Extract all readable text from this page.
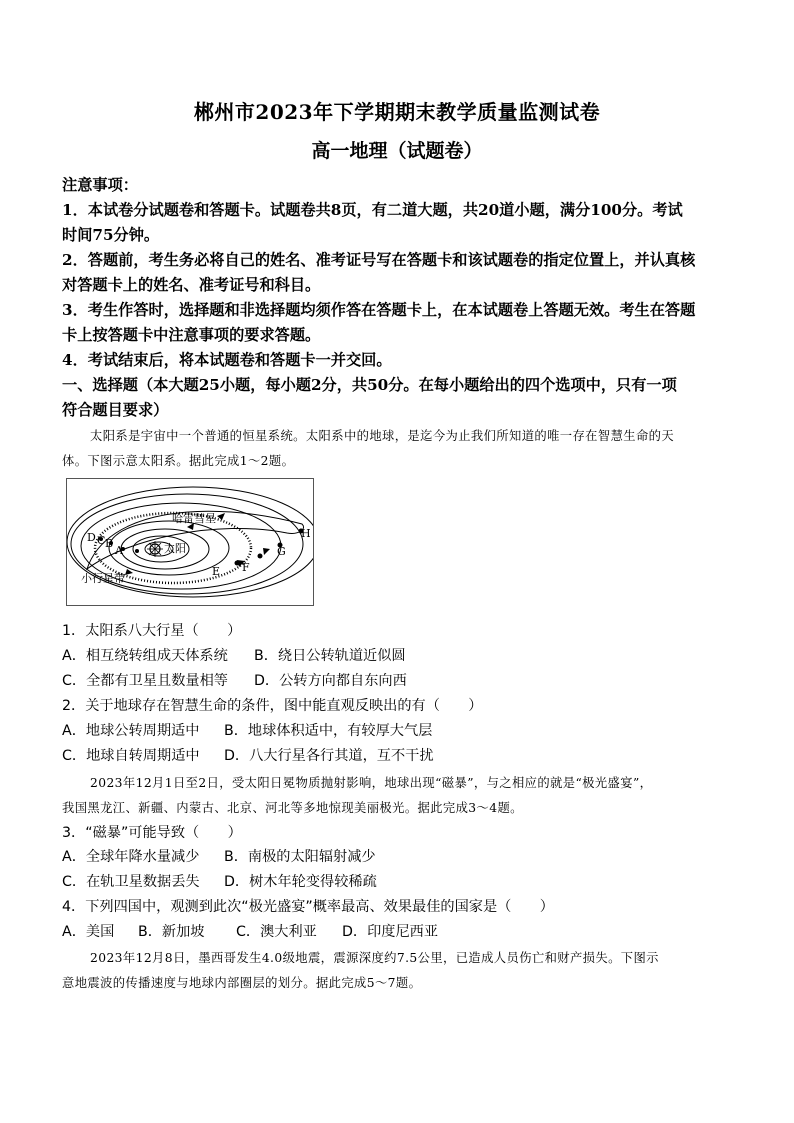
郴州市2023年下学期期末教学质量监测试卷
高一地理（试题卷）
注意事项：
1．本试卷分试题卷和答题卡。试题卷共8页，有二道大题，共20道小题，满分100分。考试
时间75分钟。
2．答题前，考生务必将自己的姓名、准考证号写在答题卡和该试题卷的指定位置上，并认真核
对答题卡上的姓名、准考证号和科目。
3．考生作答时，选择题和非选择题均须作答在答题卡上，在本试题卷上答题无效。考生在答题
卡上按答题卡中注意事项的要求答题。
4．考试结束后，将本试题卷和答题卡一并交回。
一、选择题（本大题25小题，每小题2分，共50分。在每小题给出的四个选项中，只有一项
符合题目要求）
太阳系是宇宙中一个普通的恒星系统。太阳系中的地球，是迄今为止我们所知道的唯一存在智慧生命的天
体。下图示意太阳系。据此完成1～2题。
哈雷彗星
太阳
小行星带
A
B
C
D
E F
G
H
1．太阳系八大行星（　　）
A．相互绕转组成天体系统 B．绕日公转轨道近似圆
C．全都有卫星且数量相等 D．公转方向都自东向西
2．关于地球存在智慧生命的条件，图中能直观反映出的有（　　）
A．地球公转周期适中 B．地球体积适中，有较厚大气层
C．地球自转周期适中 D．八大行星各行其道，互不干扰
2023年12月1日至2日，受太阳日冕物质抛射影响，地球出现“磁暴”，与之相应的就是“极光盛宴”，
我国黑龙江、新疆、内蒙古、北京、河北等多地惊现美丽极光。据此完成3～4题。
3．“磁暴”可能导致（　　）
A．全球年降水量减少 B．南极的太阳辐射减少
C．在轨卫星数据丢失 D．树木年轮变得较稀疏
4．下列四国中，观测到此次“极光盛宴”概率最高、效果最佳的国家是（　　）
A．美国 B．新加坡 C．澳大利亚 D．印度尼西亚
2023年12月8日，墨西哥发生4.0级地震，震源深度约7.5公里，已造成人员伤亡和财产损失。下图示
意地震波的传播速度与地球内部圈层的划分。据此完成5～7题。
